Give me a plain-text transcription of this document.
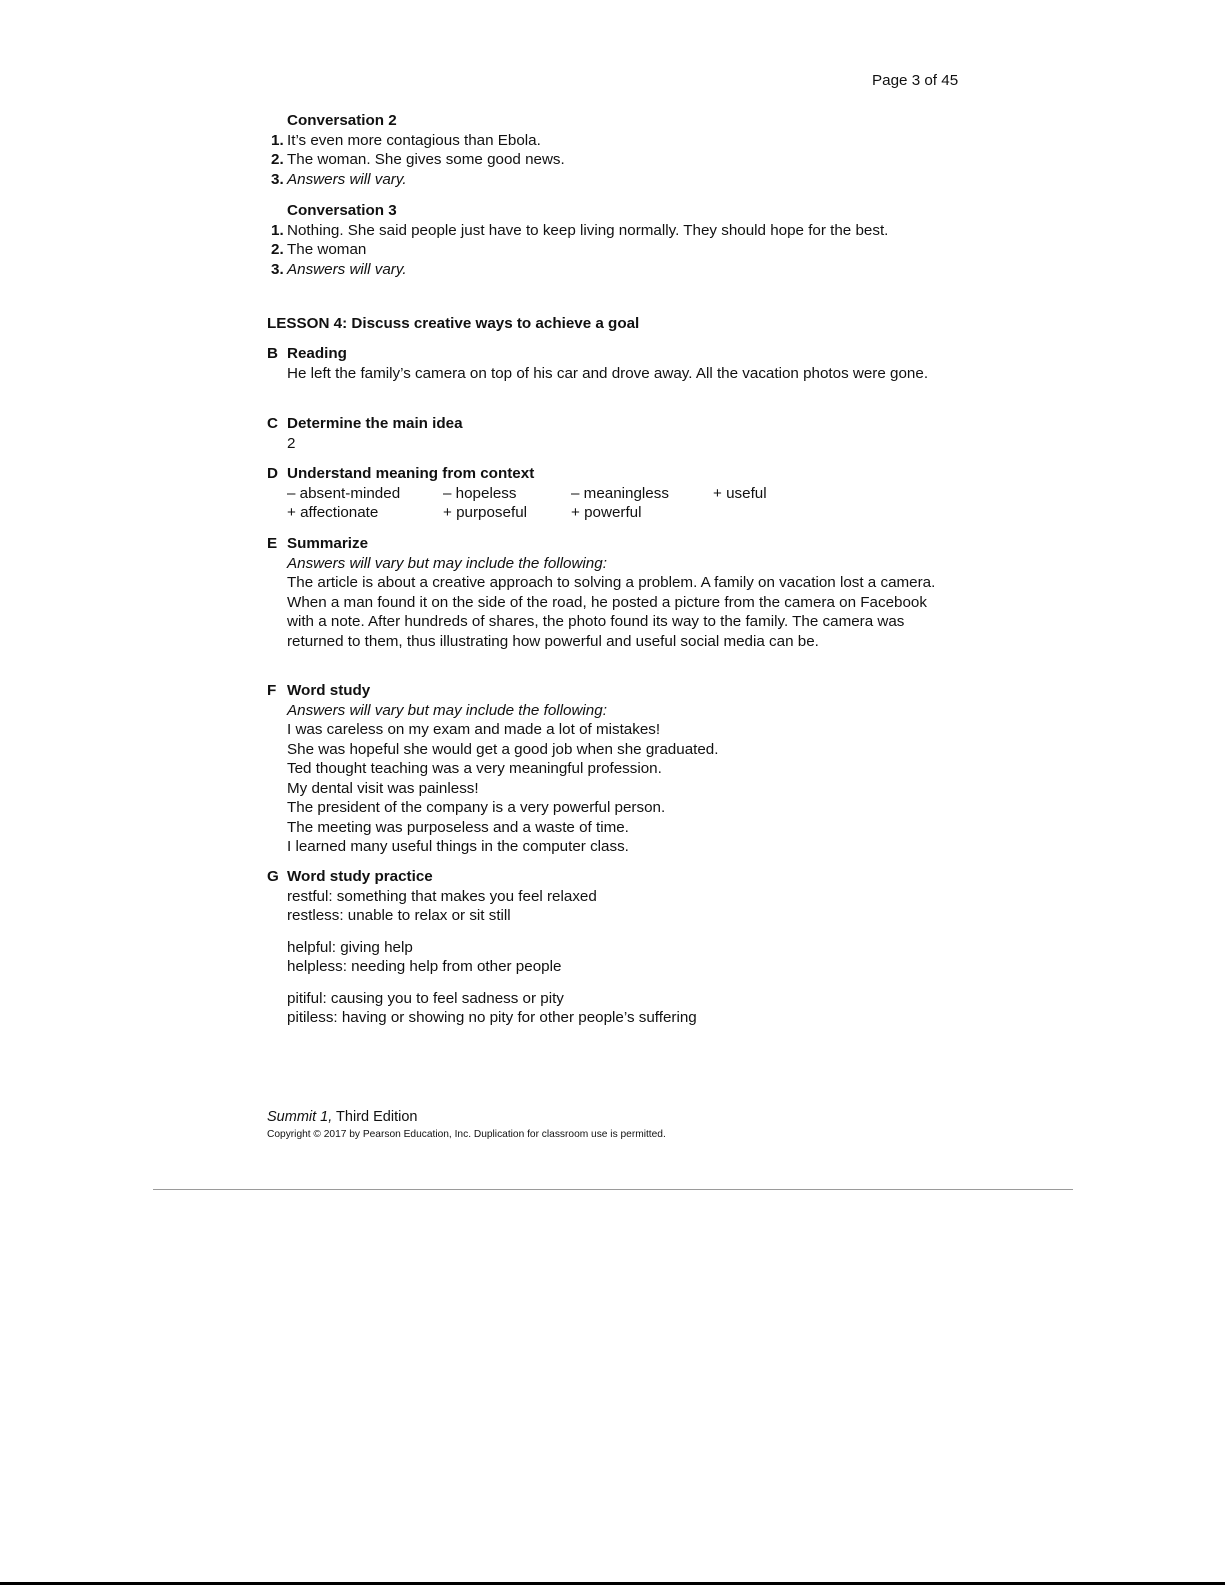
Page 3 of 45
Conversation 2
1. It’s even more contagious than Ebola.
2. The woman. She gives some good news.
3. Answers will vary.
Conversation 3
1. Nothing. She said people just have to keep living normally. They should hope for the best.
2. The woman
3. Answers will vary.
LESSON 4: Discuss creative ways to achieve a goal
B Reading
He left the family’s camera on top of his car and drove away. All the vacation photos were gone.
C Determine the main idea
2
D Understand meaning from context
– absent-minded	– hopeless	– meaningless	+ useful
+ affectionate	+ purposeful	+ powerful
E Summarize
Answers will vary but may include the following:
The article is about a creative approach to solving a problem. A family on vacation lost a camera. When a man found it on the side of the road, he posted a picture from the camera on Facebook with a note. After hundreds of shares, the photo found its way to the family. The camera was returned to them, thus illustrating how powerful and useful social media can be.
F Word study
Answers will vary but may include the following:
I was careless on my exam and made a lot of mistakes!
She was hopeful she would get a good job when she graduated.
Ted thought teaching was a very meaningful profession.
My dental visit was painless!
The president of the company is a very powerful person.
The meeting was purposeless and a waste of time.
I learned many useful things in the computer class.
G Word study practice
restful: something that makes you feel relaxed
restless: unable to relax or sit still
helpful: giving help
helpless: needing help from other people
pitiful: causing you to feel sadness or pity
pitiless: having or showing no pity for other people’s suffering
Summit 1, Third Edition
Copyright © 2017 by Pearson Education, Inc. Duplication for classroom use is permitted.
